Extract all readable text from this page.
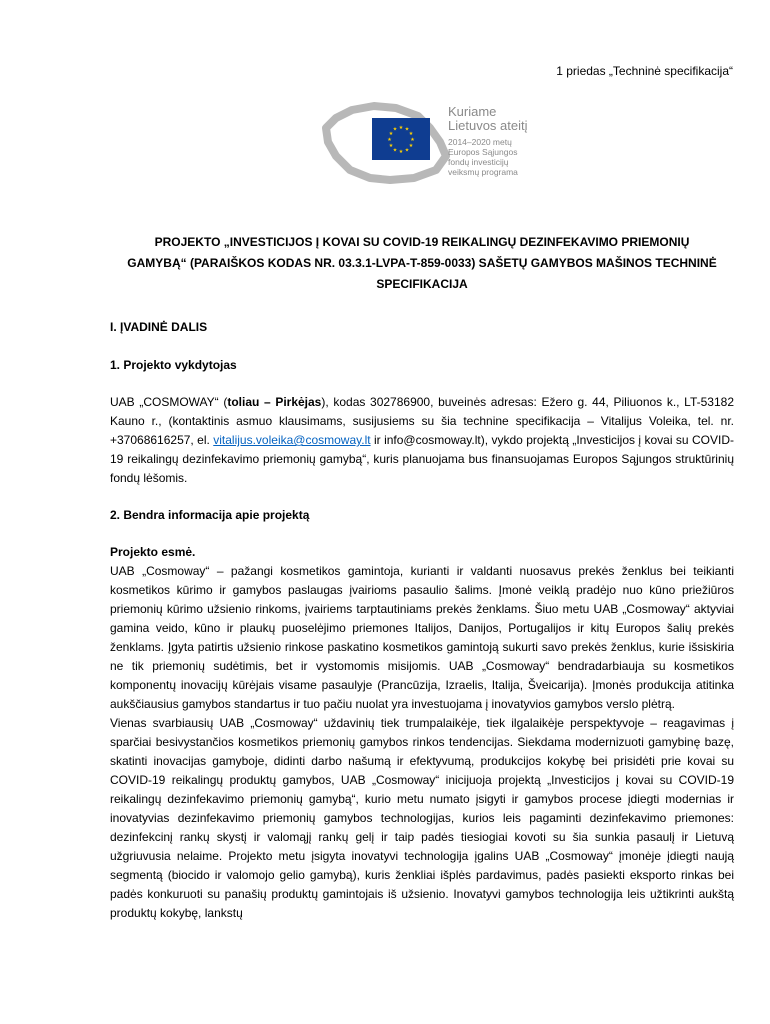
1 priedas „Techninė specifikacija“
★ ★
★
★
★
★
★
★
★
★
★
★
Kuriame
Lietuvos ateitį
2014–2020 metų
Europos Sąjungos
fondų investicijų
veiksmų programa
PROJEKTO „INVESTICIJOS Į KOVAI SU COVID-19 REIKALINGŲ DEZINFEKAVIMO PRIEMONIŲ
GAMYBĄ“ (PARAIŠKOS KODAS NR. 03.3.1-LVPA-T-859-0033) SAŠETŲ GAMYBOS MAŠINOS TECHNINĖ
SPECIFIKACIJA
I. ĮVADINĖ DALIS
1. Projekto vykdytojas

UAB „COSMOWAY“ (toliau – Pirkėjas), kodas 302786900, buveinės adresas: Ežero g. 44, Piliuonos k., LT-53182 Kauno r., (kontaktinis asmuo klausimams, susijusiems su šia technine specifikacija – Vitalijus Voleika, tel. nr. +37068616257, el. vitalijus.voleika@cosmoway.lt ir info@cosmoway.lt), vykdo projektą „Investicijos į kovai su COVID-19 reikalingų dezinfekavimo priemonių gamybą“, kuris planuojama bus finansuojamas Europos Sąjungos struktūrinių fondų lėšomis.

2. Bendra informacija apie projektą
Projekto esmė.

UAB „Cosmoway“ – pažangi kosmetikos gamintoja, kurianti ir valdanti nuosavus prekės ženklus bei teikianti kosmetikos kūrimo ir gamybos paslaugas įvairioms pasaulio šalims. Įmonė veiklą pradėjo nuo kūno priežiūros priemonių kūrimo užsienio rinkoms, įvairiems tarptautiniams prekės ženklams. Šiuo metu UAB „Cosmoway“ aktyviai gamina veido, kūno ir plaukų puoselėjimo priemones Italijos, Danijos, Portugalijos ir kitų Europos šalių prekės ženklams. Įgyta patirtis užsienio rinkose paskatino kosmetikos gamintoją sukurti savo prekės ženklus, kurie išsiskiria ne tik priemonių sudėtimis, bet ir vystomomis misijomis. UAB „Cosmoway“ bendradarbiauja su kosmetikos komponentų inovacijų kūrėjais visame pasaulyje (Prancūzija, Izraelis, Italija, Šveicarija). Įmonės produkcija atitinka aukščiausius gamybos standartus ir tuo pačiu nuolat yra investuojama į inovatyvios gamybos verslo plėtrą.

Vienas svarbiausių UAB „Cosmoway“ uždavinių tiek trumpalaikėje, tiek ilgalaikėje perspektyvoje – reagavimas į sparčiai besivystančios kosmetikos priemonių gamybos rinkos tendencijas. Siekdama modernizuoti gamybinę bazę, skatinti inovacijas gamyboje, didinti darbo našumą ir efektyvumą, produkcijos kokybę bei prisidėti prie kovai su COVID-19 reikalingų produktų gamybos, UAB „Cosmoway“ inicijuoja projektą „Investicijos į kovai su COVID-19 reikalingų dezinfekavimo priemonių gamybą“, kurio metu numato įsigyti ir gamybos procese įdiegti modernias ir inovatyvias dezinfekavimo priemonių gamybos technologijas, kurios leis pagaminti dezinfekavimo priemones: dezinfekcinį rankų skystį ir valomąjį rankų gelį ir taip padės tiesiogiai kovoti su šia sunkia pasaulį ir Lietuvą užgriuvusia nelaime. Projekto metu įsigyta inovatyvi technologija įgalins UAB „Cosmoway“ įmonėje įdiegti naują segmentą (biocido ir valomojo gelio gamybą), kuris ženkliai išplės pardavimus, padės pasiekti eksporto rinkas bei padės konkuruoti su panašių produktų gamintojais iš užsienio. Inovatyvi gamybos technologija leis užtikrinti aukštą produktų kokybę, lankstų
